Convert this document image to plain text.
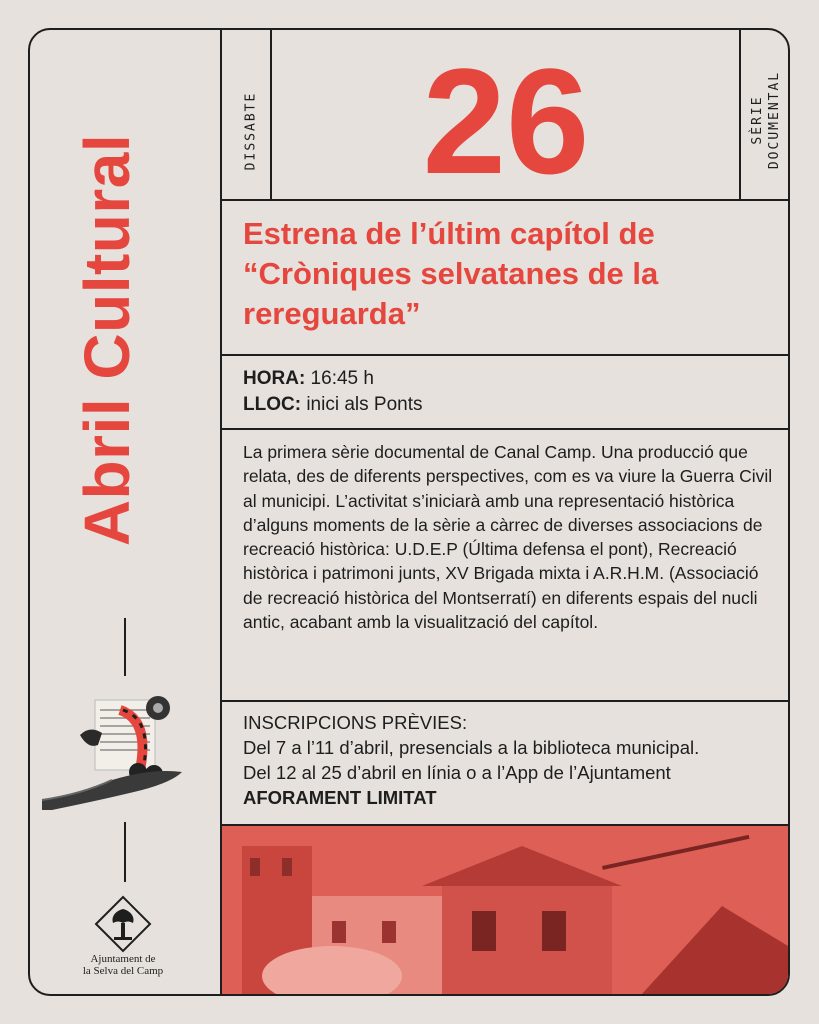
Abril Cultural
DISSABTE	26	SÈRIE DOCUMENTAL
Estrena de l’últim capítol de “Cròniques selvatanes de la rereguarda”
HORA: 16:45 h
LLOC: inici als Ponts
La primera sèrie documental de Canal Camp. Una producció que relata, des de diferents perspectives, com es va viure la Guerra Civil al municipi. L’activitat s’iniciarà amb una representació històrica d’alguns moments de la sèrie a càrrec de diverses associacions de recreació històrica: U.D.E.P (Última defensa el pont), Recreació històrica i patrimoni junts, XV Brigada mixta i A.R.H.M. (Associació de recreació històrica del Montserratí) en diferents espais del nucli antic, acabant amb la visualització del capítol.
INSCRIPCIONS PRÈVIES:
Del 7 a l’11 d’abril, presencials a la biblioteca municipal.
Del 12 al 25 d’abril en línia o a l’App de l’Ajuntament
AFORAMENT LIMITAT
Ajuntament de
la Selva del Camp
